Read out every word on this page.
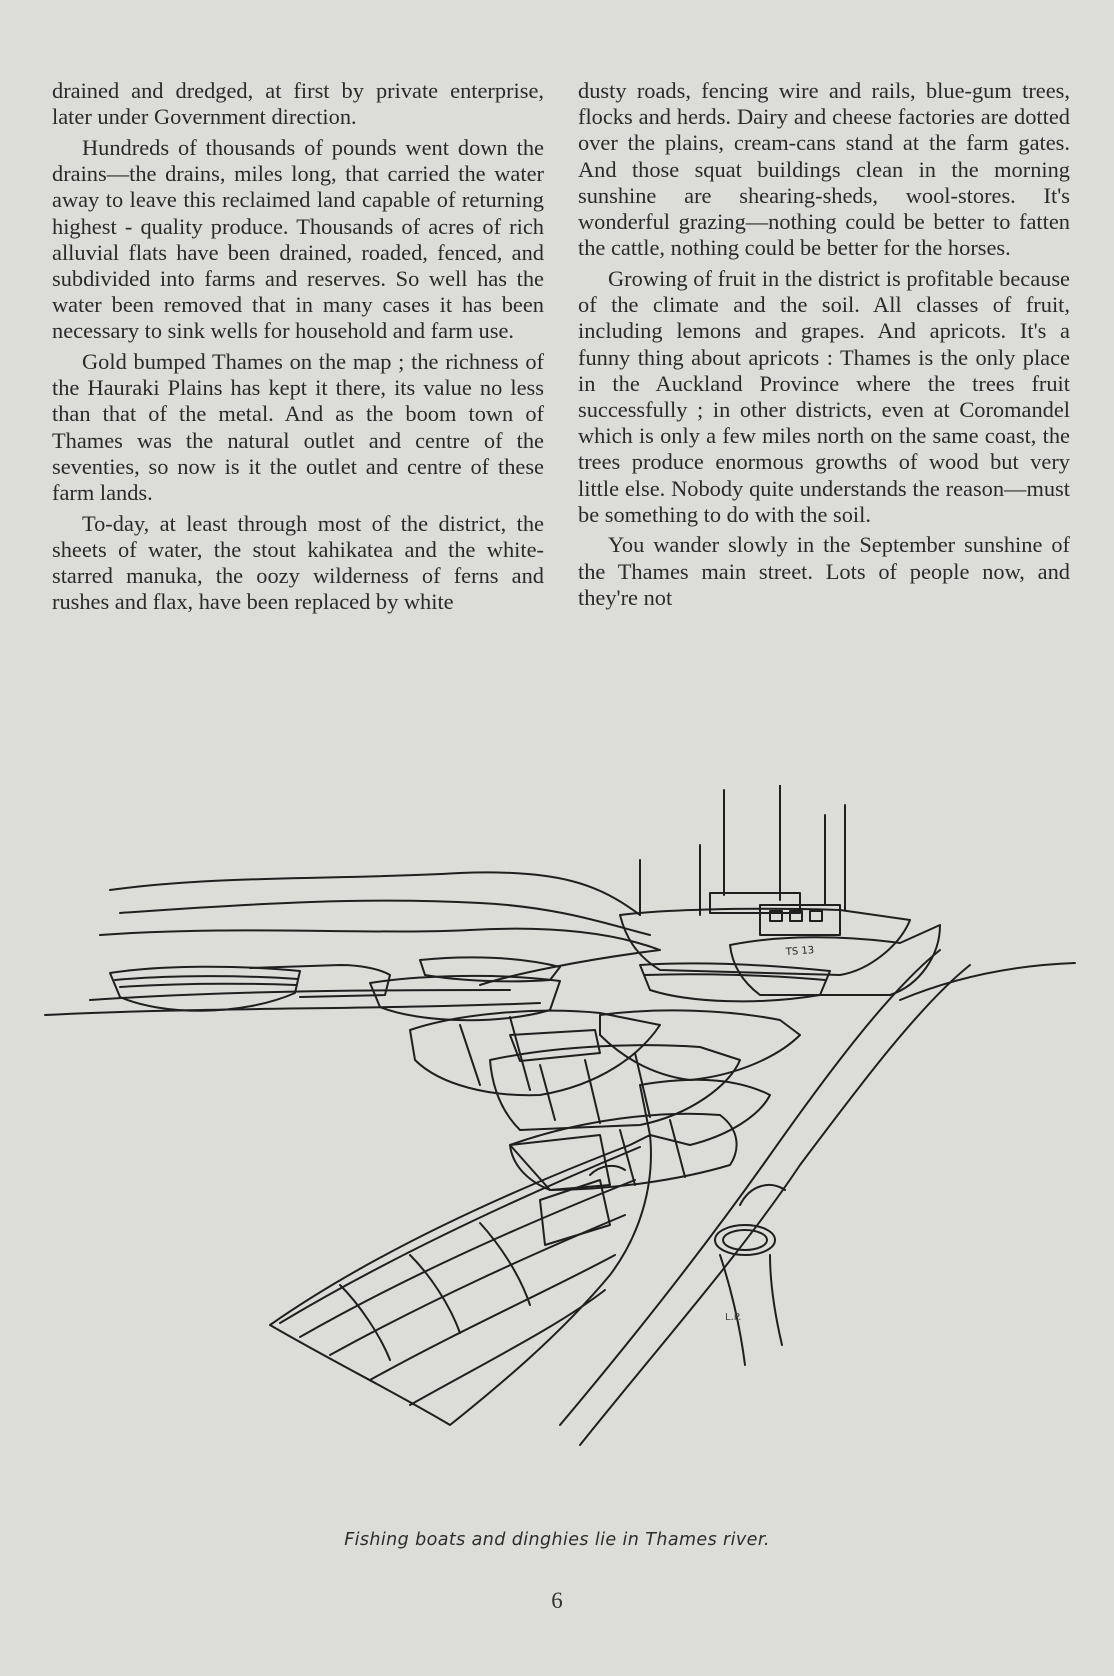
drained and dredged, at first by private enterprise, later under Government direction.

Hundreds of thousands of pounds went down the drains—the drains, miles long, that carried the water away to leave this reclaimed land capable of returning highest - quality produce. Thousands of acres of rich alluvial flats have been drained, roaded, fenced, and subdivided into farms and reserves. So well has the water been removed that in many cases it has been necessary to sink wells for household and farm use.

Gold bumped Thames on the map ; the richness of the Hauraki Plains has kept it there, its value no less than that of the metal. And as the boom town of Thames was the natural outlet and centre of the seventies, so now is it the outlet and centre of these farm lands.

To-day, at least through most of the district, the sheets of water, the stout kahikatea and the white-starred manuka, the oozy wilderness of ferns and rushes and flax, have been replaced by white

dusty roads, fencing wire and rails, blue-gum trees, flocks and herds. Dairy and cheese factories are dotted over the plains, cream-cans stand at the farm gates. And those squat buildings clean in the morning sunshine are shearing-sheds, wool-stores. It's wonderful grazing—nothing could be better to fatten the cattle, nothing could be better for the horses.

Growing of fruit in the district is profitable because of the climate and the soil. All classes of fruit, including lemons and grapes. And apricots. It's a funny thing about apricots : Thames is the only place in the Auckland Province where the trees fruit successfully ; in other districts, even at Coromandel which is only a few miles north on the same coast, the trees produce enormous growths of wood but very little else. Nobody quite understands the reason—must be something to do with the soil.

You wander slowly in the September sunshine of the Thames main street. Lots of people now, and they're not

TS 13
L.P.
Fishing boats and dinghies lie in Thames river.
6
